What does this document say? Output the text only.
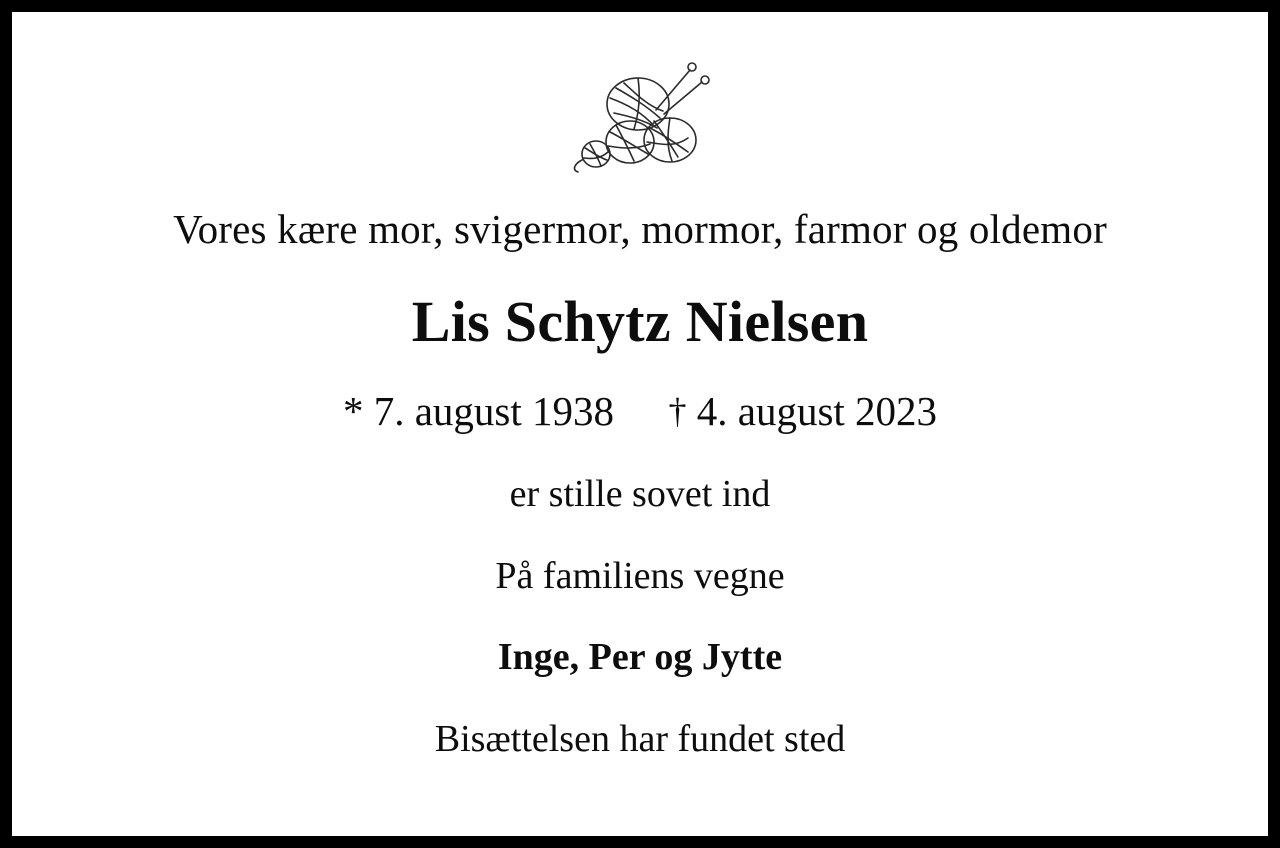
Vores kære mor, svigermor, mormor, farmor og oldemor
Lis Schytz Nielsen
* 7. august 1938 † 4. august 2023
er stille sovet ind
På familiens vegne
Inge, Per og Jytte
Bisættelsen har fundet sted
